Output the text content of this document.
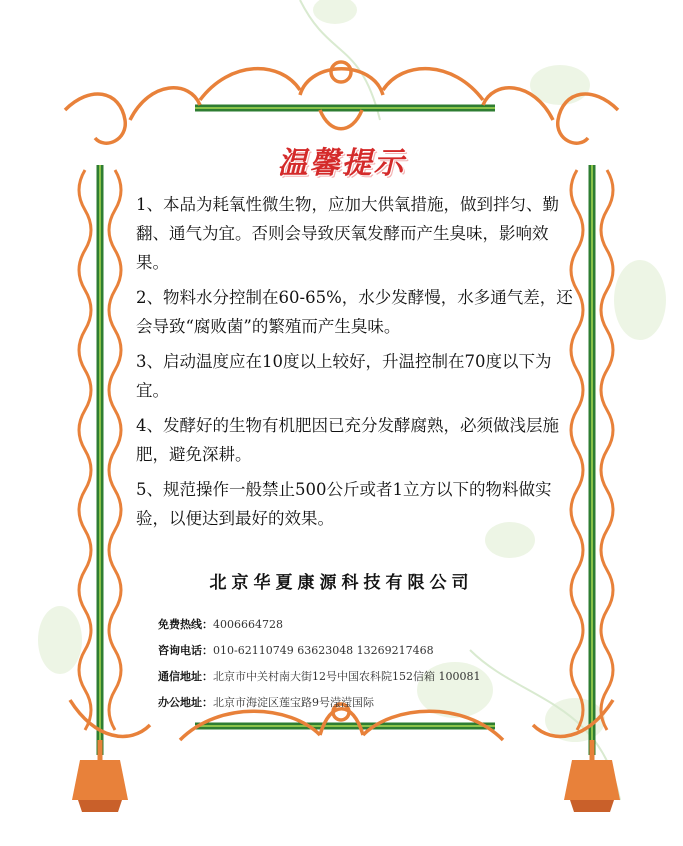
温馨提示

1、本品为耗氧性微生物，应加大供氧措施，做到拌匀、勤翻、通气为宜。否则会导致厌氧发酵而产生臭味，影响效果。

2、物料水分控制在60-65%，水少发酵慢，水多通气差，还会导致“腐败菌”的繁殖而产生臭味。

3、启动温度应在10度以上较好，升温控制在70度以下为宜。

4、发酵好的生物有机肥因已充分发酵腐熟，必须做浅层施肥，避免深耕。

5、规范操作一般禁止500公斤或者1立方以下的物料做实验，以便达到最好的效果。

北京华夏康源科技有限公司
免费热线：4006664728
咨询电话：010-62110749 63623048 13269217468
通信地址：北京市中关村南大街12号中国农科院152信箱 100081
办公地址：北京市海淀区莲宝路9号滢滢国际
